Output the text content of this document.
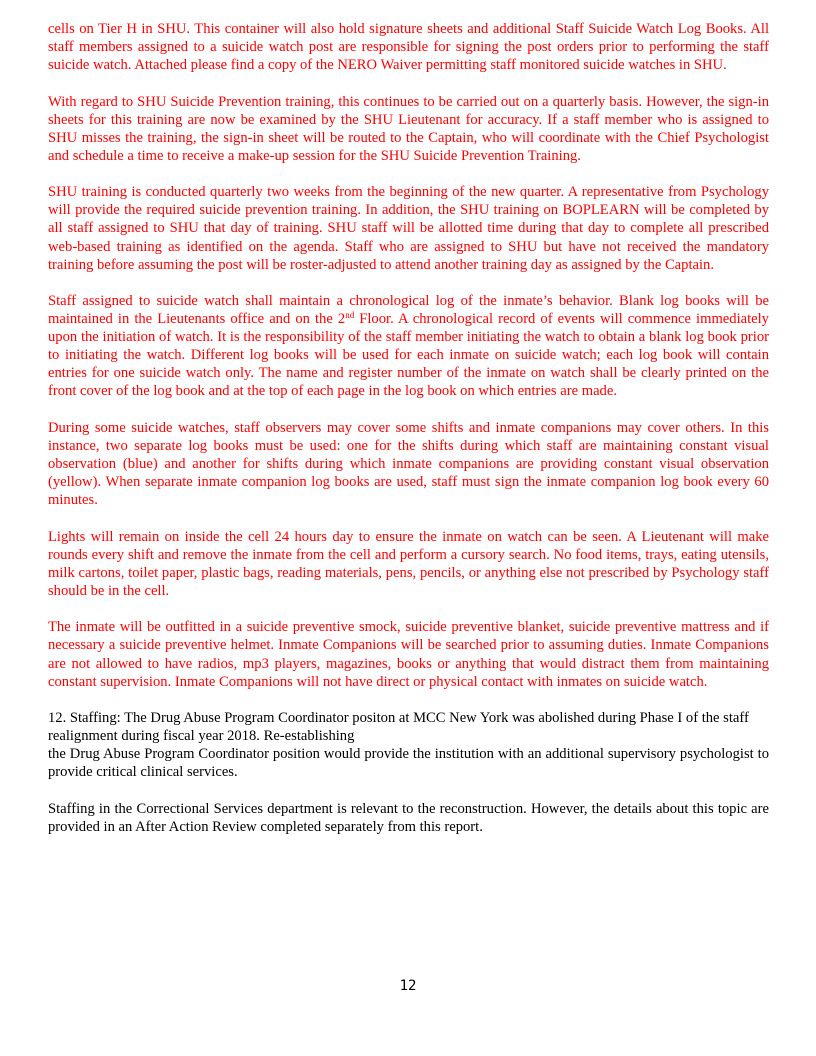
cells on Tier H in SHU. This container will also hold signature sheets and additional Staff Suicide Watch Log Books. All staff members assigned to a suicide watch post are responsible for signing the post orders prior to performing the staff suicide watch. Attached please find a copy of the NERO Waiver permitting staff monitored suicide watches in SHU.

With regard to SHU Suicide Prevention training, this continues to be carried out on a quarterly basis. However, the sign-in sheets for this training are now be examined by the SHU Lieutenant for accuracy. If a staff member who is assigned to SHU misses the training, the sign-in sheet will be routed to the Captain, who will coordinate with the Chief Psychologist and schedule a time to receive a make-up session for the SHU Suicide Prevention Training.

SHU training is conducted quarterly two weeks from the beginning of the new quarter. A representative from Psychology will provide the required suicide prevention training. In addition, the SHU training on BOPLEARN will be completed by all staff assigned to SHU that day of training. SHU staff will be allotted time during that day to complete all prescribed web-based training as identified on the agenda. Staff who are assigned to SHU but have not received the mandatory training before assuming the post will be roster-adjusted to attend another training day as assigned by the Captain.

Staff assigned to suicide watch shall maintain a chronological log of the inmate’s behavior. Blank log books will be maintained in the Lieutenants office and on the 2nd Floor. A chronological record of events will commence immediately upon the initiation of watch. It is the responsibility of the staff member initiating the watch to obtain a blank log book prior to initiating the watch. Different log books will be used for each inmate on suicide watch; each log book will contain entries for one suicide watch only. The name and register number of the inmate on watch shall be clearly printed on the front cover of the log book and at the top of each page in the log book on which entries are made.

During some suicide watches, staff observers may cover some shifts and inmate companions may cover others. In this instance, two separate log books must be used: one for the shifts during which staff are maintaining constant visual observation (blue) and another for shifts during which inmate companions are providing constant visual observation (yellow). When separate inmate companion log books are used, staff must sign the inmate companion log book every 60 minutes.

Lights will remain on inside the cell 24 hours day to ensure the inmate on watch can be seen. A Lieutenant will make rounds every shift and remove the inmate from the cell and perform a cursory search. No food items, trays, eating utensils, milk cartons, toilet paper, plastic bags, reading materials, pens, pencils, or anything else not prescribed by Psychology staff should be in the cell.

The inmate will be outfitted in a suicide preventive smock, suicide preventive blanket, suicide preventive mattress and if necessary a suicide preventive helmet. Inmate Companions will be searched prior to assuming duties. Inmate Companions are not allowed to have radios, mp3 players, magazines, books or anything that would distract them from maintaining constant supervision. Inmate Companions will not have direct or physical contact with inmates on suicide watch.

12. Staffing: The Drug Abuse Program Coordinator positon at MCC New York was abolished during Phase I of the staff realignment during fiscal year 2018. Re-establishing
the Drug Abuse Program Coordinator position would provide the institution with an additional supervisory psychologist to provide critical clinical services.

Staffing in the Correctional Services department is relevant to the reconstruction. However, the details about this topic are provided in an After Action Review completed separately from this report.

12
